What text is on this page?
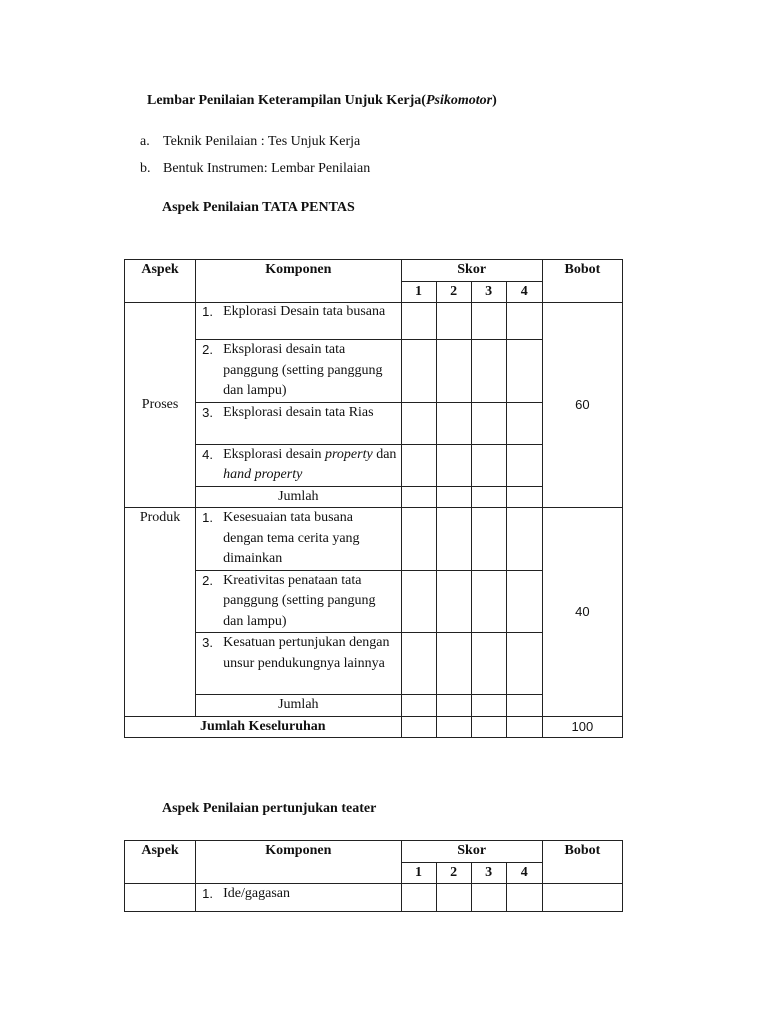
Lembar Penilaian Keterampilan Unjuk Kerja(Psikomotor)
a. Teknik Penilaian : Tes Unjuk Kerja
b. Bentuk Instrumen: Lembar Penilaian
Aspek Penilaian TATA PENTAS
Aspek	Komponen	Skor				Bobot
		1	2	3	4	
Proses	1. Ekplorasi Desain tata busana					60

	2. Eksplorasi desain tata panggung (setting panggung dan lampu)					

	3. Eksplorasi desain tata Rias					

	4. Eksplorasi desain property dan hand property					

	Jumlah					
Produk	1. Kesesuaian tata busana dengan tema cerita yang dimainkan					40

	2. Kreativitas penataan tata panggung (setting pangung dan lampu)					

	3. Kesatuan pertunjukan dengan unsur pendukungnya lainnya					

	Jumlah					
Jumlah Keseluruhan						100
Aspek Penilaian pertunjukan teater
Aspek	Komponen	Skor				Bobot
		1	2	3	4	

	1. Ide/gagasan					
